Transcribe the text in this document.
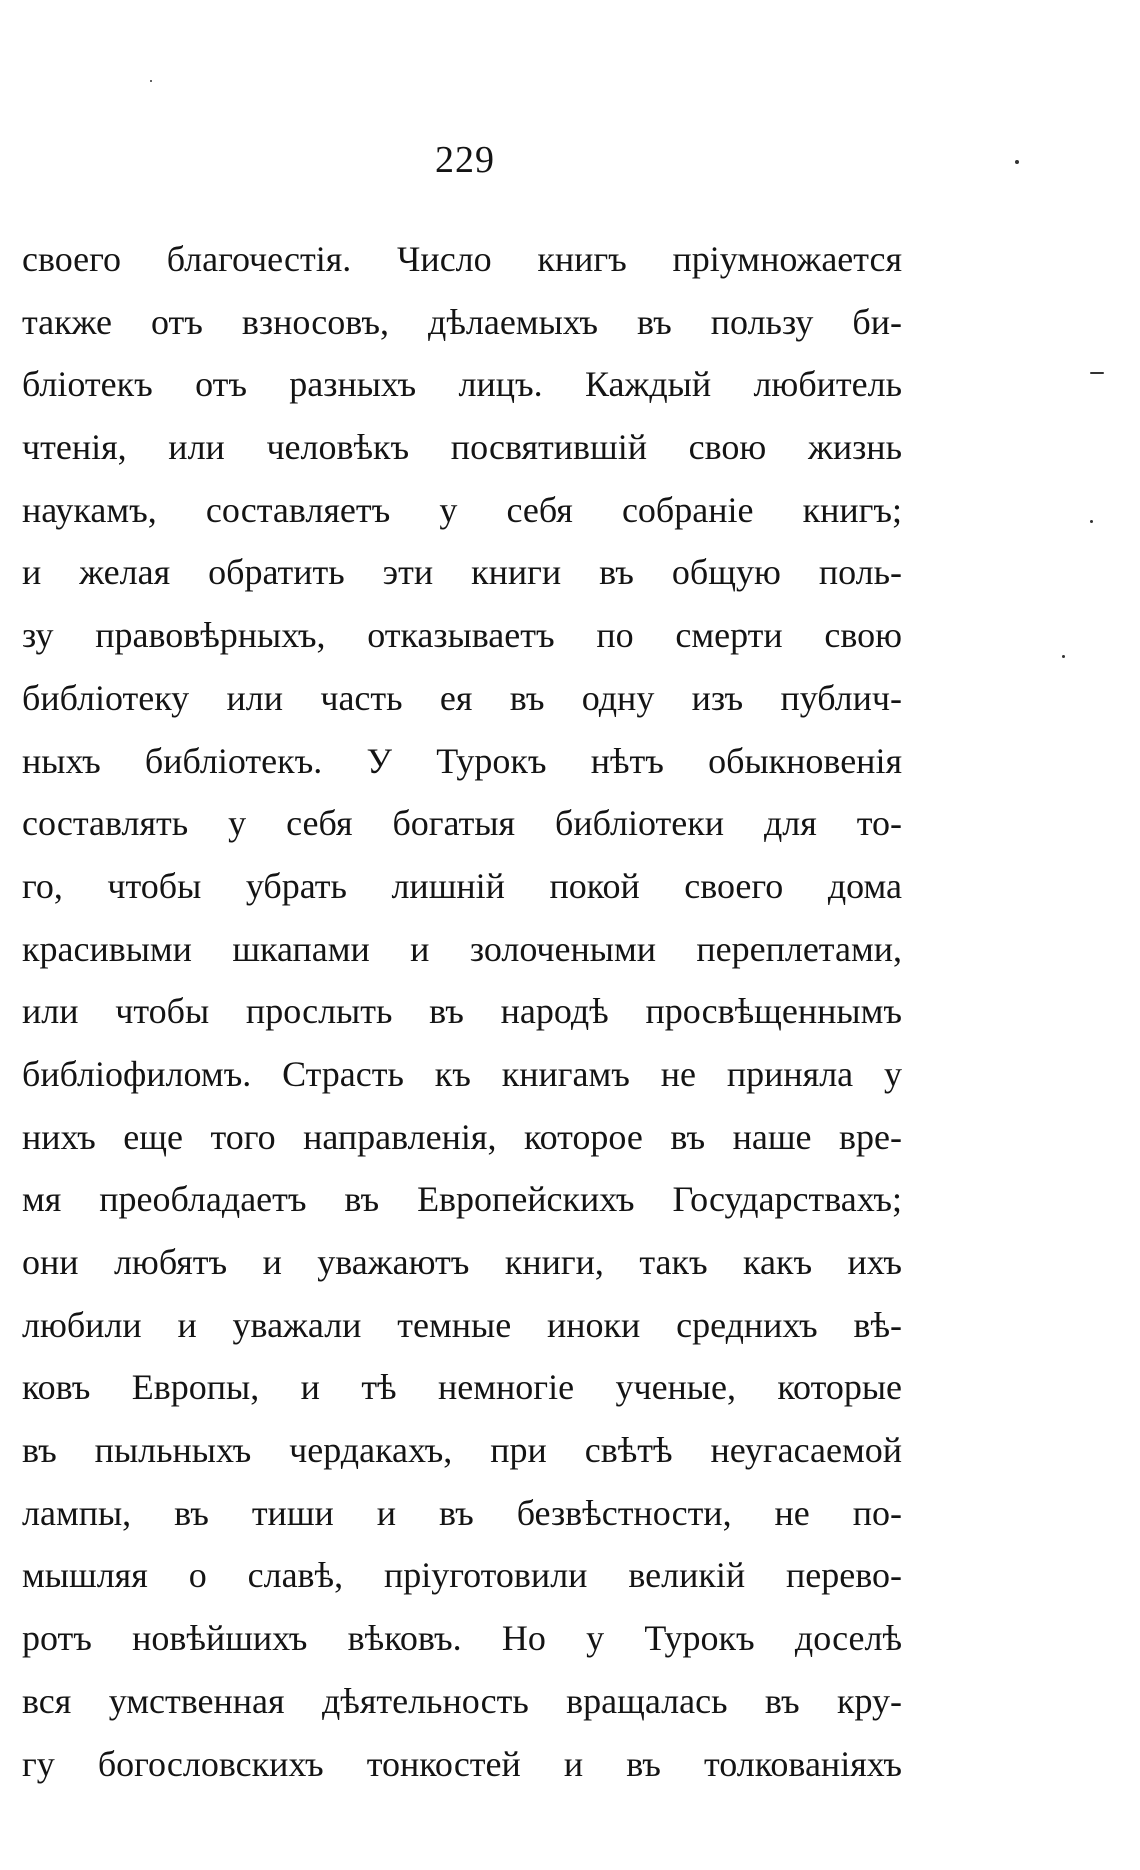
229
своего благочестія. Число книгъ пріумножается
также отъ взносовъ, дѣлаемыхъ въ пользу би-
бліотекъ отъ разныхъ лицъ. Каждый любитель
чтенія, или человѣкъ посвятившій свою жизнь
наукамъ, составляетъ у себя собраніе книгъ;
и желая обратить эти книги въ общую поль-
зу правовѣрныхъ, отказываетъ по смерти свою
библіотеку или часть ея въ одну изъ публич-
ныхъ библіотекъ. У Турокъ нѣтъ обыкновенія
составлять у себя богатыя библіотеки для то-
го, чтобы убрать лишній покой своего дома
красивыми шкапами и золочеными переплетами,
или чтобы прослыть въ народѣ просвѣщеннымъ
библіофиломъ. Страсть къ книгамъ не приняла у
нихъ еще того направленія, которое въ наше вре-
мя преобладаетъ въ Европейскихъ Государствахъ;
они любятъ и уважаютъ книги, такъ какъ ихъ
любили и уважали темные иноки среднихъ вѣ-
ковъ Европы, и тѣ немногіе ученые, которые
въ пыльныхъ чердакахъ, при свѣтѣ неугасаемой
лампы, въ тиши и въ безвѣстности, не по-
мышляя о славѣ, пріуготовили великій перево-
ротъ новѣйшихъ вѣковъ. Но у Турокъ доселѣ
вся умственная дѣятельность вращалась въ кру-
гу богословскихъ тонкостей и въ толкованіяхъ
